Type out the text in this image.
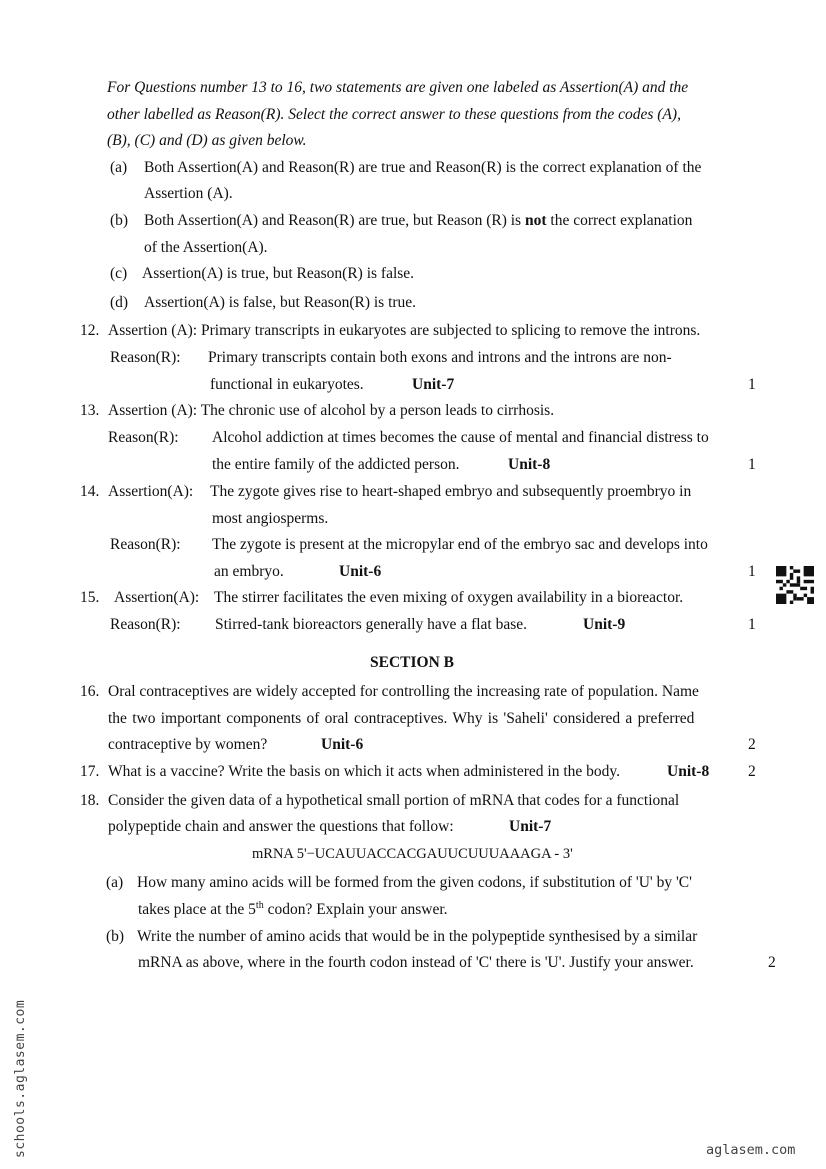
For Questions number 13 to 16, two statements are given one labeled as Assertion(A) and the
other labelled as Reason(R). Select the correct answer to these questions from the codes (A),
(B), (C) and (D) as given below.
(a) Both Assertion(A) and Reason(R) are true and Reason(R) is the correct explanation of the
Assertion (A).
(b) Both Assertion(A) and Reason(R) are true, but Reason (R) is not the correct explanation
of the Assertion(A).
(c) Assertion(A) is true, but Reason(R) is false.
(d) Assertion(A) is false, but Reason(R) is true.
12. Assertion (A): Primary transcripts in eukaryotes are subjected to splicing to remove the introns.
Reason(R): Primary transcripts contain both exons and introns and the introns are non-
functional in eukaryotes.	Unit-7	1
13. Assertion (A): The chronic use of alcohol by a person leads to cirrhosis.
Reason(R): Alcohol addiction at times becomes the cause of mental and financial distress to
the entire family of the addicted person.	Unit-8	1
14. Assertion(A): The zygote gives rise to heart-shaped embryo and subsequently proembryo in
most angiosperms.
Reason(R): The zygote is present at the micropylar end of the embryo sac and develops into
an embryo.	Unit-6	1
15. Assertion(A): The stirrer facilitates the even mixing of oxygen availability in a bioreactor.
Reason(R): Stirred-tank bioreactors generally have a flat base.	Unit-9	1
SECTION B
16. Oral contraceptives are widely accepted for controlling the increasing rate of population. Name
the two important components of oral contraceptives. Why is 'Saheli' considered a preferred
contraceptive by women?	Unit-6	2
17. What is a vaccine? Write the basis on which it acts when administered in the body.	Unit-8	2
18. Consider the given data of a hypothetical small portion of mRNA that codes for a functional
polypeptide chain and answer the questions that follow:	Unit-7
mRNA 5'−UCAUUACCACGAUUCUUUAAAGA - 3'
(a) How many amino acids will be formed from the given codons, if substitution of 'U' by 'C'
takes place at the 5th codon? Explain your answer.
(b) Write the number of amino acids that would be in the polypeptide synthesised by a similar
mRNA as above, where in the fourth codon instead of 'C' there is 'U'. Justify your answer.	2
schools.aglasem.com	aglasem.com
